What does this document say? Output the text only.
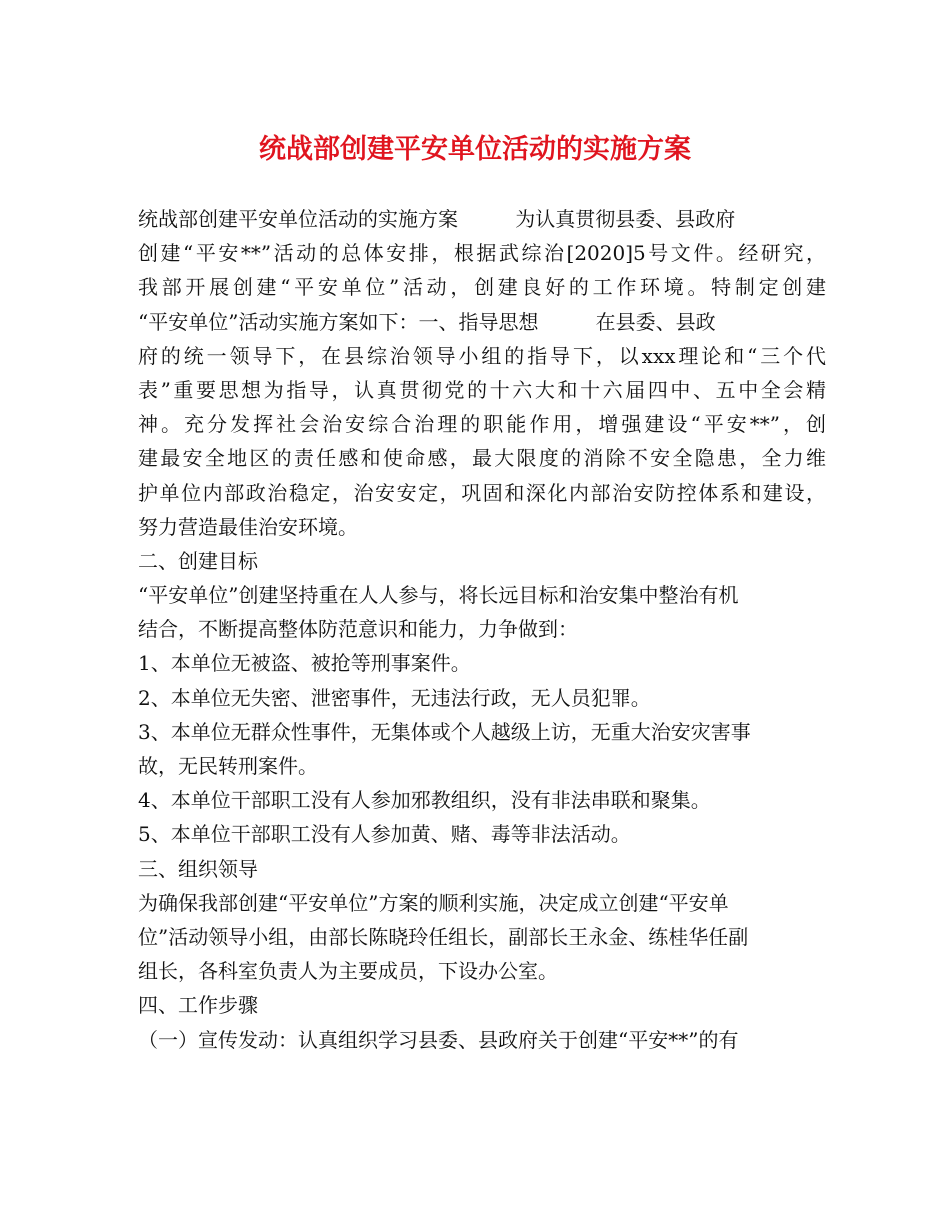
统战部创建平安单位活动的实施方案
统战部创建平安单位活动的实施方案         为认真贯彻县委、县政府
创建“平安**”活动的总体安排，根据武综治[2020]5号文件。经研究，
我部开展创建“平安单位”活动，创建良好的工作环境。特制定创建
“平安单位”活动实施方案如下：一、指导思想         在县委、县政
府的统一领导下，在县综治领导小组的指导下，以xxx理论和“三个代
表”重要思想为指导，认真贯彻党的十六大和十六届四中、五中全会精
神。充分发挥社会治安综合治理的职能作用，增强建设“平安**”，创
建最安全地区的责任感和使命感，最大限度的消除不安全隐患，全力维
护单位内部政治稳定，治安安定，巩固和深化内部治安防控体系和建设，
努力营造最佳治安环境。
二、创建目标
“平安单位”创建坚持重在人人参与，将长远目标和治安集中整治有机
结合，不断提高整体防范意识和能力，力争做到：
1、本单位无被盗、被抢等刑事案件。
2、本单位无失密、泄密事件，无违法行政，无人员犯罪。
3、本单位无群众性事件，无集体或个人越级上访，无重大治安灾害事
故，无民转刑案件。
4、本单位干部职工没有人参加邪教组织，没有非法串联和聚集。
5、本单位干部职工没有人参加黄、赌、毒等非法活动。
三、组织领导
为确保我部创建“平安单位”方案的顺利实施，决定成立创建“平安单
位”活动领导小组，由部长陈晓玲任组长，副部长王永金、练桂华任副
组长，各科室负责人为主要成员，下设办公室。
四、工作步骤
（一）宣传发动：认真组织学习县委、县政府关于创建“平安**”的有
